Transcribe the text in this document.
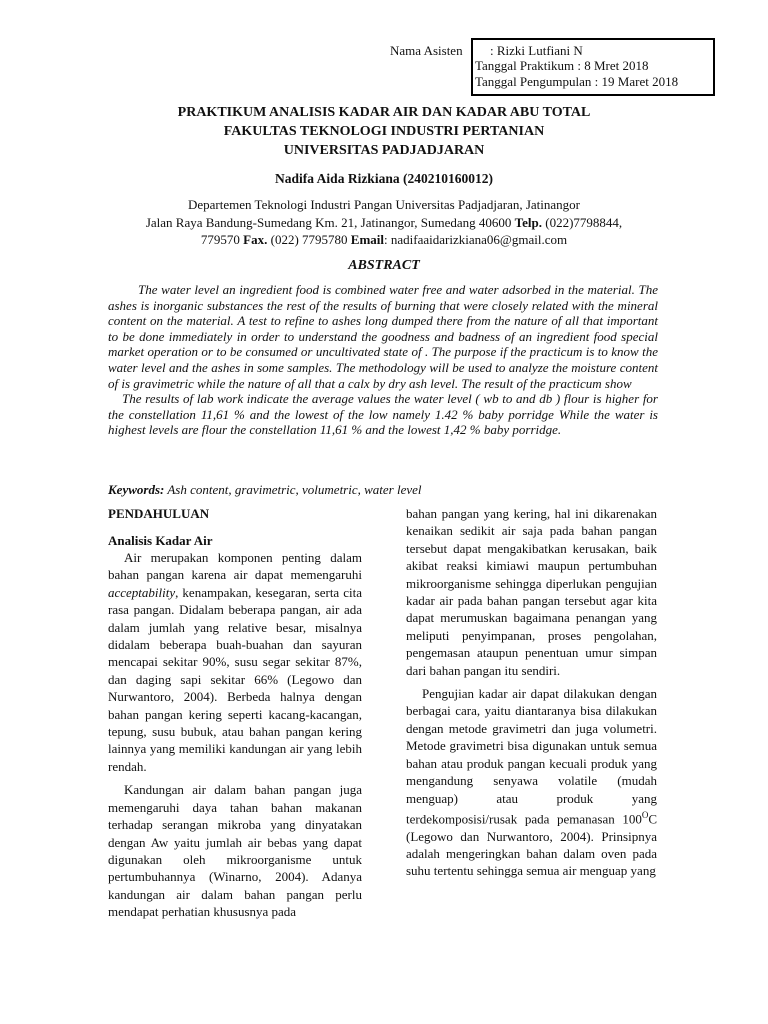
Nama Asisten : Rizki Lutfiani N
Tanggal Praktikum : 8 Mret 2018
Tanggal Pengumpulan : 19 Maret 2018
PRAKTIKUM ANALISIS KADAR AIR DAN KADAR ABU TOTAL
FAKULTAS TEKNOLOGI INDUSTRI PERTANIAN
UNIVERSITAS PADJADJARAN
Nadifa Aida Rizkiana (240210160012)
Departemen Teknologi Industri Pangan Universitas Padjadjaran, Jatinangor
Jalan Raya Bandung-Sumedang Km. 21, Jatinangor, Sumedang 40600 Telp. (022)7798844,
779570 Fax. (022) 7795780 Email: nadifaaidarizkiana06@gmail.com
ABSTRACT

The water level an ingredient food is combined water free and water adsorbed in the material. The ashes is inorganic substances the rest of the results of burning that were closely related with the mineral content on the material. A test to refine to ashes long dumped there from the nature of all that important to be done immediately in order to understand the goodness and badness of an ingredient food special market operation or to be consumed or uncultivated state of . The purpose if the practicum is to know the water level and the ashes in some samples. The methodology will be used to analyze the moisture content of is gravimetric while the nature of all that a calx by dry ash level. The result of the practicum show

The results of lab work indicate the average values the water level ( wb to and db ) flour is higher for the constellation 11,61 % and the lowest of the low namely 1.42 % baby porridge While the water is highest levels are flour the constellation 11,61 % and the lowest 1,42 % baby porridge.

Keywords: Ash content, gravimetric, volumetric, water level
PENDAHULUAN
Analisis Kadar Air

Air merupakan komponen penting dalam bahan pangan karena air dapat memengaruhi acceptability, kenampakan, kesegaran, serta cita rasa pangan. Didalam beberapa pangan, air ada dalam jumlah yang relative besar, misalnya didalam beberapa buah-buahan dan sayuran mencapai sekitar 90%, susu segar sekitar 87%, dan daging sapi sekitar 66% (Legowo dan Nurwantoro, 2004). Berbeda halnya dengan bahan pangan kering seperti kacang-kacangan, tepung, susu bubuk, atau bahan pangan kering lainnya yang memiliki kandungan air yang lebih rendah.

Kandungan air dalam bahan pangan juga memengaruhi daya tahan bahan makanan terhadap serangan mikroba yang dinyatakan dengan Aw yaitu jumlah air bebas yang dapat digunakan oleh mikroorganisme untuk pertumbuhannya (Winarno, 2004). Adanya kandungan air dalam bahan pangan perlu mendapat perhatian khususnya pada

bahan pangan yang kering, hal ini dikarenakan kenaikan sedikit air saja pada bahan pangan tersebut dapat mengakibatkan kerusakan, baik akibat reaksi kimiawi maupun pertumbuhan mikroorganisme sehingga diperlukan pengujian kadar air pada bahan pangan tersebut agar kita dapat merumuskan bagaimana penangan yang meliputi penyimpanan, proses pengolahan, pengemasan ataupun penentuan umur simpan dari bahan pangan itu sendiri.

Pengujian kadar air dapat dilakukan dengan berbagai cara, yaitu diantaranya bisa dilakukan dengan metode gravimetri dan juga volumetri. Metode gravimetri bisa digunakan untuk semua bahan atau produk pangan kecuali produk yang mengandung senyawa volatile (mudah menguap) atau produk yang terdekomposisi/rusak pada pemanasan $100^OC$ (Legowo dan Nurwantoro, 2004). Prinsipnya adalah mengeringkan bahan dalam oven pada suhu tertentu sehingga semua air menguap yang
